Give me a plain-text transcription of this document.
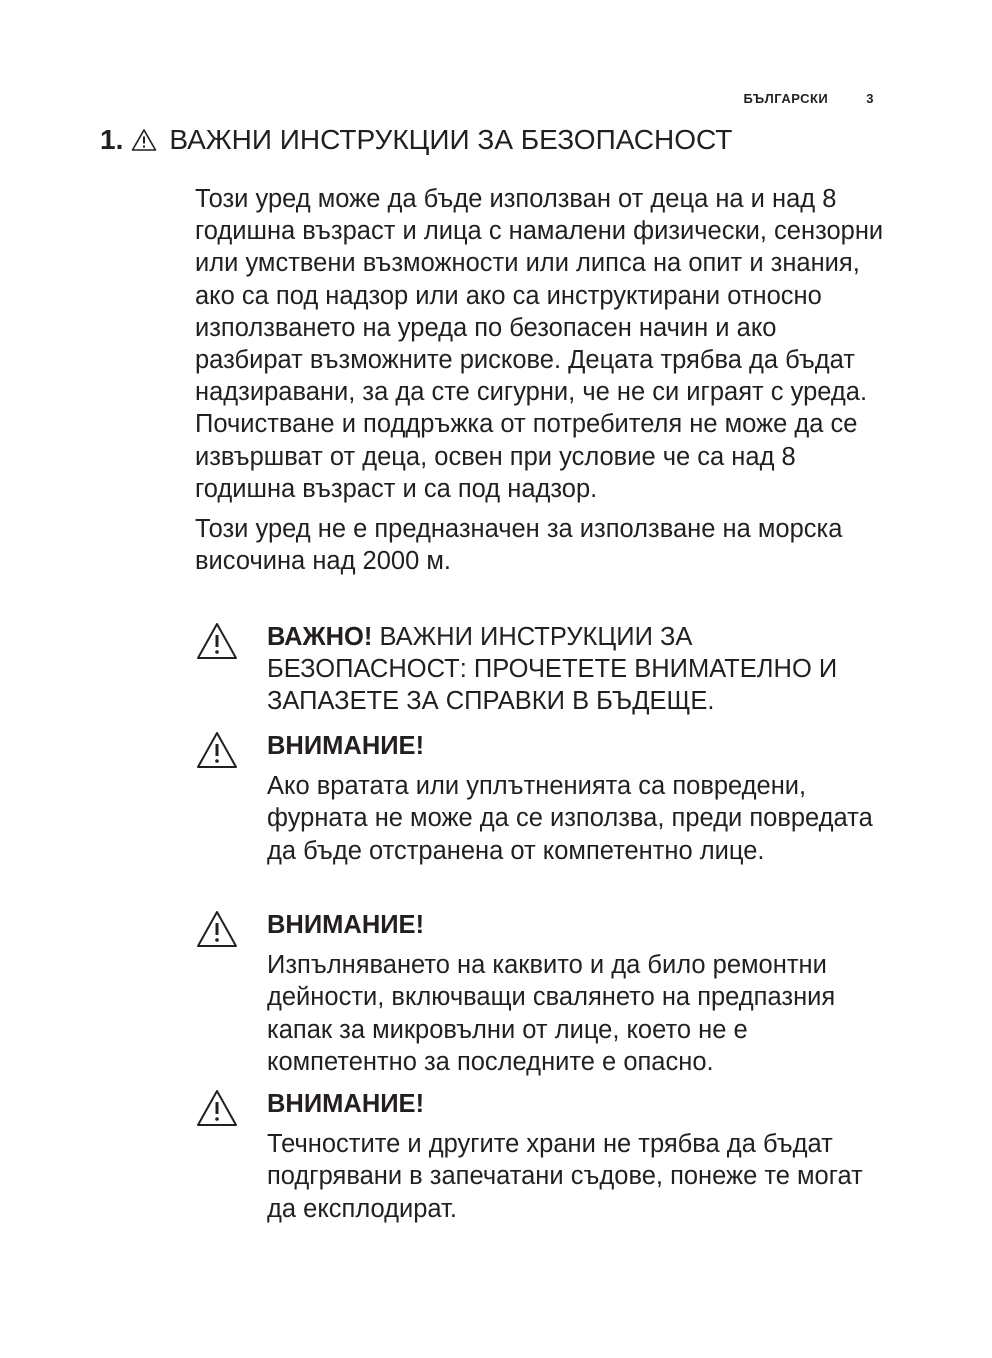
БЪЛГАРСКИ	3
1. ВАЖНИ ИНСТРУКЦИИ ЗА БЕЗОПАСНОСТ

Този уред може да бъде използван от деца на и над 8 годишна възраст и лица с намалени физически, сензорни или умствени възможности или липса на опит и знания, ако са под надзор или ако са инструктирани относно използването на уреда по безопасен начин и ако разбират възможните рискове. Децата трябва да бъдат надзиравани, за да сте сигурни, че не си играят с уреда. Почистване и поддръжка от потребителя не може да се извършват от деца, освен при условие че са над 8 годишна възраст и са под надзор.

Този уред не е предназначен за използване на морска височина над 2000 м.

ВАЖНО! ВАЖНИ ИНСТРУКЦИИ ЗА БЕЗОПАСНОСТ: ПРОЧЕТЕТЕ ВНИМАТЕЛНО И ЗАПАЗЕТЕ ЗА СПРАВКИ В БЪДЕЩЕ.
ВНИМАНИЕ!
Ако вратата или уплътненията са повредени, фурната не може да се използва, преди повредата да бъде отстранена от компетентно лице.
ВНИМАНИЕ!
Изпълняването на каквито и да било ремонтни дейности, включващи свалянето на предпазния капак за микровълни от лице, което не е компетентно за последните е опасно.
ВНИМАНИЕ!
Течностите и другите храни не трябва да бъдат подгрявани в запечатани съдове, понеже те могат да експлодират.
